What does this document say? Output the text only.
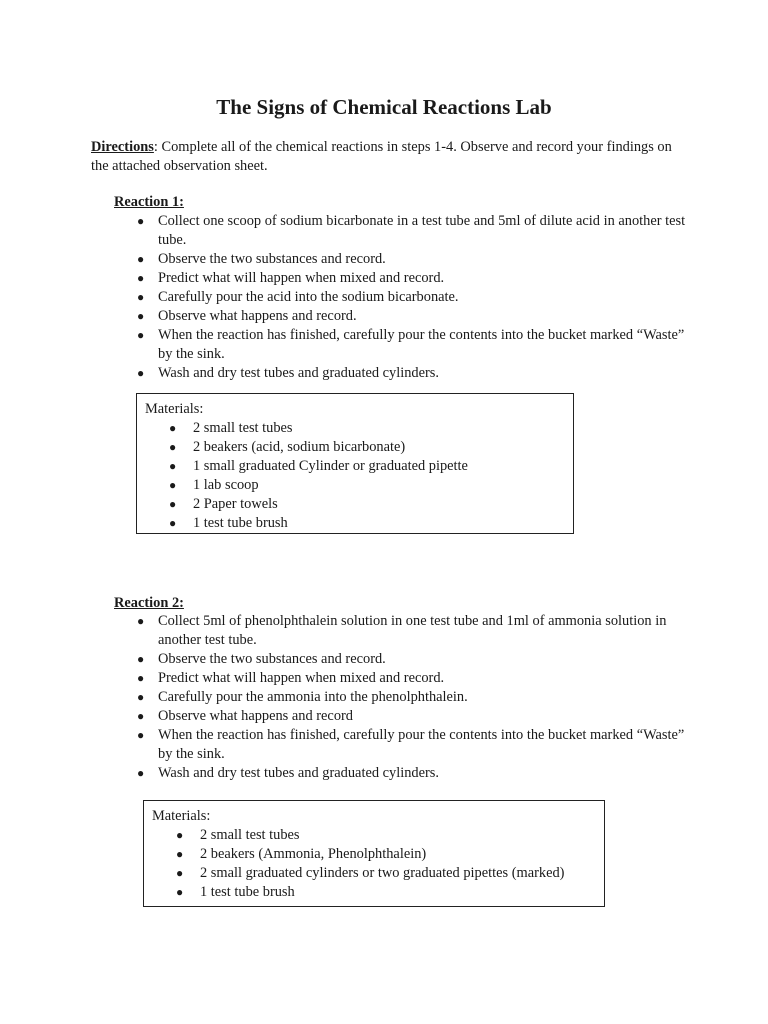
The Signs of Chemical Reactions Lab

Directions: Complete all of the chemical reactions in steps 1-4. Observe and record your findings on the attached observation sheet.

Reaction 1:

● Collect one scoop of sodium bicarbonate in a test tube and 5ml of dilute acid in another test tube.
● Observe the two substances and record.
● Predict what will happen when mixed and record.
● Carefully pour the acid into the sodium bicarbonate.
● Observe what happens and record.
● When the reaction has finished, carefully pour the contents into the bucket marked “Waste” by the sink.
● Wash and dry test tubes and graduated cylinders.

Materials:

● 2 small test tubes
● 2 beakers (acid, sodium bicarbonate)
● 1 small graduated Cylinder or graduated pipette
● 1 lab scoop
● 2 Paper towels
● 1 test tube brush

Reaction 2:

● Collect 5ml of phenolphthalein solution in one test tube and 1ml of ammonia solution in another test tube.
● Observe the two substances and record.
● Predict what will happen when mixed and record.
● Carefully pour the ammonia into the phenolphthalein.
● Observe what happens and record
● When the reaction has finished, carefully pour the contents into the bucket marked “Waste” by the sink.
● Wash and dry test tubes and graduated cylinders.

Materials:

● 2 small test tubes
● 2 beakers (Ammonia, Phenolphthalein)
● 2 small graduated cylinders or two graduated pipettes (marked)
● 1 test tube brush
